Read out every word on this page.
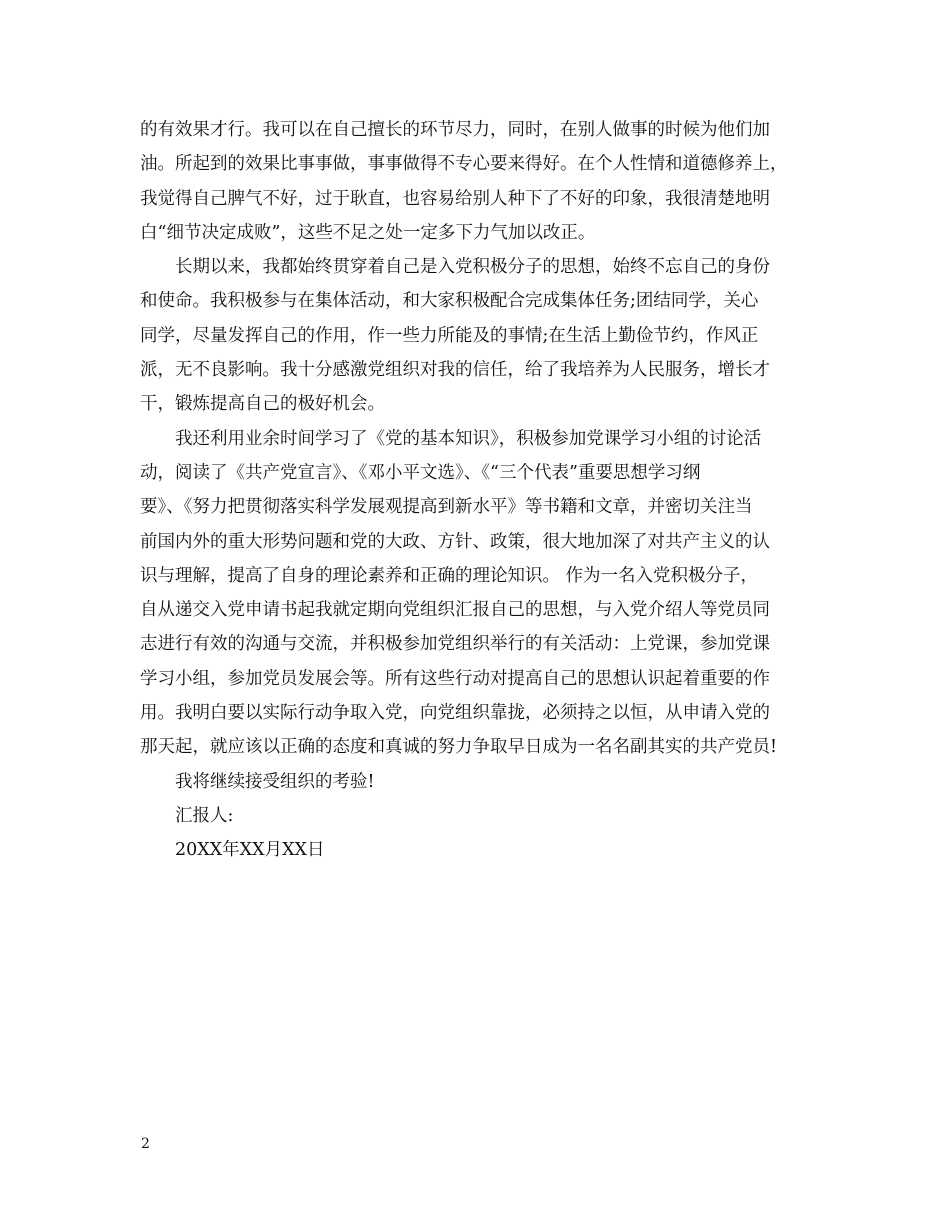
的有效果才行。我可以在自己擅长的环节尽力，同时，在别人做事的时候为他们加
油。所起到的效果比事事做，事事做得不专心要来得好。在个人性情和道德修养上，
我觉得自己脾气不好，过于耿直，也容易给别人种下了不好的印象，我很清楚地明
白“细节决定成败”，这些不足之处一定多下力气加以改正。
　　长期以来，我都始终贯穿着自己是入党积极分子的思想，始终不忘自己的身份
和使命。我积极参与在集体活动，和大家积极配合完成集体任务;团结同学，关心
同学，尽量发挥自己的作用，作一些力所能及的事情;在生活上勤俭节约，作风正
派，无不良影响。我十分感激党组织对我的信任，给了我培养为人民服务，增长才
干，锻炼提高自己的极好机会。
　　我还利用业余时间学习了《党的基本知识》，积极参加党课学习小组的讨论活
动，阅读了《共产党宣言》、《邓小平文选》、《“三个代表”重要思想学习纲
要》、《努力把贯彻落实科学发展观提高到新水平》等书籍和文章，并密切关注当
前国内外的重大形势问题和党的大政、方针、政策，很大地加深了对共产主义的认
识与理解，提高了自身的理论素养和正确的理论知识。 作为一名入党积极分子，
自从递交入党申请书起我就定期向党组织汇报自己的思想，与入党介绍人等党员同
志进行有效的沟通与交流，并积极参加党组织举行的有关活动：上党课，参加党课
学习小组，参加党员发展会等。所有这些行动对提高自己的思想认识起着重要的作
用。我明白要以实际行动争取入党，向党组织靠拢，必须持之以恒，从申请入党的
那天起，就应该以正确的态度和真诚的努力争取早日成为一名名副其实的共产党员!
　　我将继续接受组织的考验!
　　汇报人:
　　20XX年XX月XX日
2
